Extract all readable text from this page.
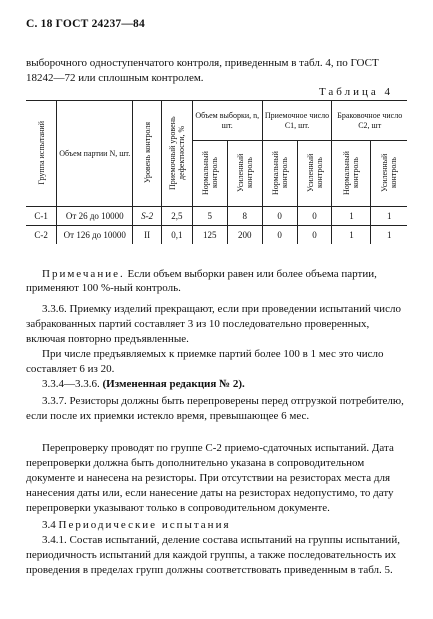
С. 18 ГОСТ 24237—84
выборочного одноступенчатого контроля, приведенным в табл. 4, по ГОСТ 18242—72 или сплошным контролем.
Таблица 4
Группа испытаний	Объем партии N, шт.	Уровень контроля	Приемочный уровень дефектности, %	Объем выборки, n, шт.		Приемочное число C1, шт.		Браковочное число C2, шт	
				Нормальный контроль	Усиленный контроль	Нормальный контроль	Усиленный контроль	Нормальный контроль	Усиленный контроль
С-1	От 26 до 10000	S-2	2,5	5	8	0	0	1	1
С-2	От 126 до 10000	II	0,1	125	200	0	0	1	1
Примечание. Если объем выборки равен или более объема партии, применяют 100 %-ный контроль.
3.3.6. Приемку изделий прекращают, если при проведении испытаний число забракованных партий составляет 3 из 10 последовательно проверенных, включая повторно предъявленные.
При числе предъявляемых к приемке партий более 100 в 1 мес это число составляет 6 из 20.
3.3.4—3.3.6. (Измененная редакция № 2).
3.3.7. Резисторы должны быть перепроверены перед отгрузкой потребителю, если после их приемки истекло время, превышающее 6 мес.
Перепроверку проводят по группе С-2 приемо-сдаточных испытаний. Дата перепроверки должна быть дополнительно указана в сопроводительном документе и нанесена на резисторы. При отсутствии на резисторах места для нанесения даты или, если нанесение даты на резисторах недопустимо, то дату перепроверки указывают только в сопроводительном документе.
3.4 Периодические испытания
3.4.1. Состав испытаний, деление состава испытаний на группы испытаний, периодичность испытаний для каждой группы, а также последовательность их проведения в пределах групп должны соответствовать приведенным в табл. 5.
